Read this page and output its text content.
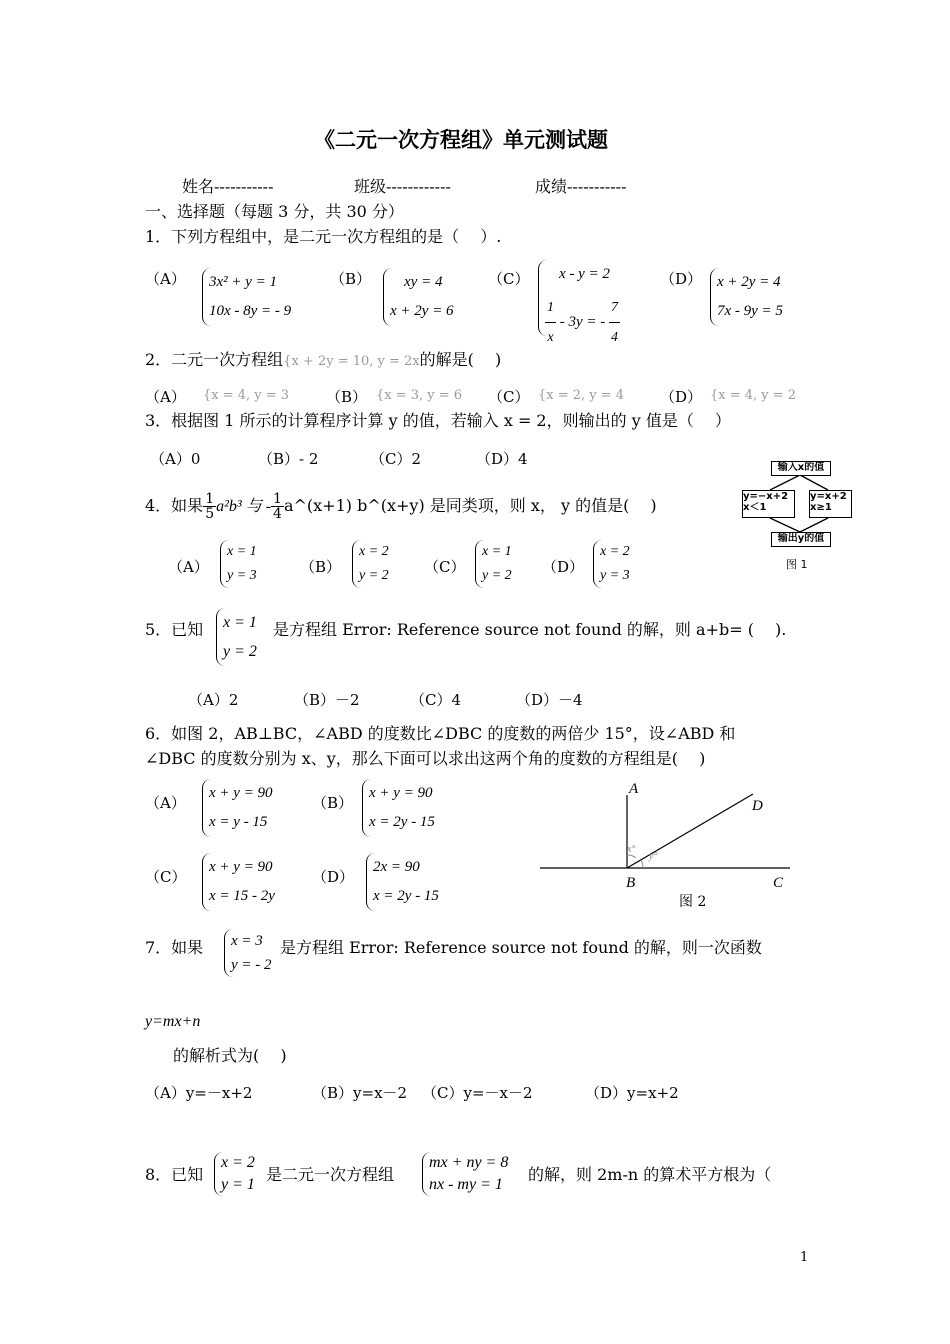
《二元一次方程组》单元测试题
姓名-----------	班级------------	成绩-----------
一、选择题（每题 3 分，共 30 分）
1．下列方程组中，是二元一次方程组的是（　 ）.
（A） 3x² + y = 1
10x - 8y = - 9
（B）	xy = 4
x + 2y = 6
（C）	x - y = 2
$\frac{1}{x} - 3y$ = - $\frac{7}{4}$
（D） x + 2y = 4
7x - 9y = 5
2．二元一次方程组{x + 2y = 10, y = 2x的解是(　 )
（A） {x = 4, y = 3 （B） {x = 3, y = 6 （C） {x = 2, y = 4 （D） {x = 4, y = 2
3．根据图 1 所示的计算程序计算 y 的值，若输入 x = 2，则输出的 y 值是（　 ）
（A）0	（B）- 2	（C）2	（D）4	输入x的值
y=−x+2
x＜1
y=x+2
x≥1
输出y的值
图 1
4．如果 $\frac{1}{5} a^2b^3$ 与 - $\frac{1}{4}$ a^(x+1) b^(x+y) 是同类项，则 x， y 的值是(　 )
（A）
x = 1
y = 3	（B）
x = 2
y = 2 （C）
x = 1
y = 2 （D）
x = 2
y = 3
5．已知 x = 1
y = 2
是方程组 Error: Reference source not found 的解，则 a+b= (　 ).
（A）2	（B）－2	（C）4	（D）－4
6．如图 2，AB⊥BC，∠ABD 的度数比∠DBC 的度数的两倍少 15°，设∠ABD 和
∠DBC 的度数分别为 x、y，那么下面可以求出这两个角的度数的方程组是(　 )
（A）
x + y = 90
x = y - 15
（B）
x + y = 90
x = 2y - 15
（C）
x + y = 90
x = 15 - 2y
（D）
2x = 90
x = 2y - 15
A
D
B	C
x°
y°
图 2
7．如果 x = 3
y = - 2
是方程组 Error: Reference source not found 的解，则一次函数
y=mx+n
的解析式为(　 )
（A）y=－x+2	（B）y=x－2 （C）y=－x－2	（D）y=x+2
8．已知
x = 2
y = 1
是二元一次方程组
mx + ny = 8
nx - my = 1
的解，则 2m-n 的算术平方根为（
1
